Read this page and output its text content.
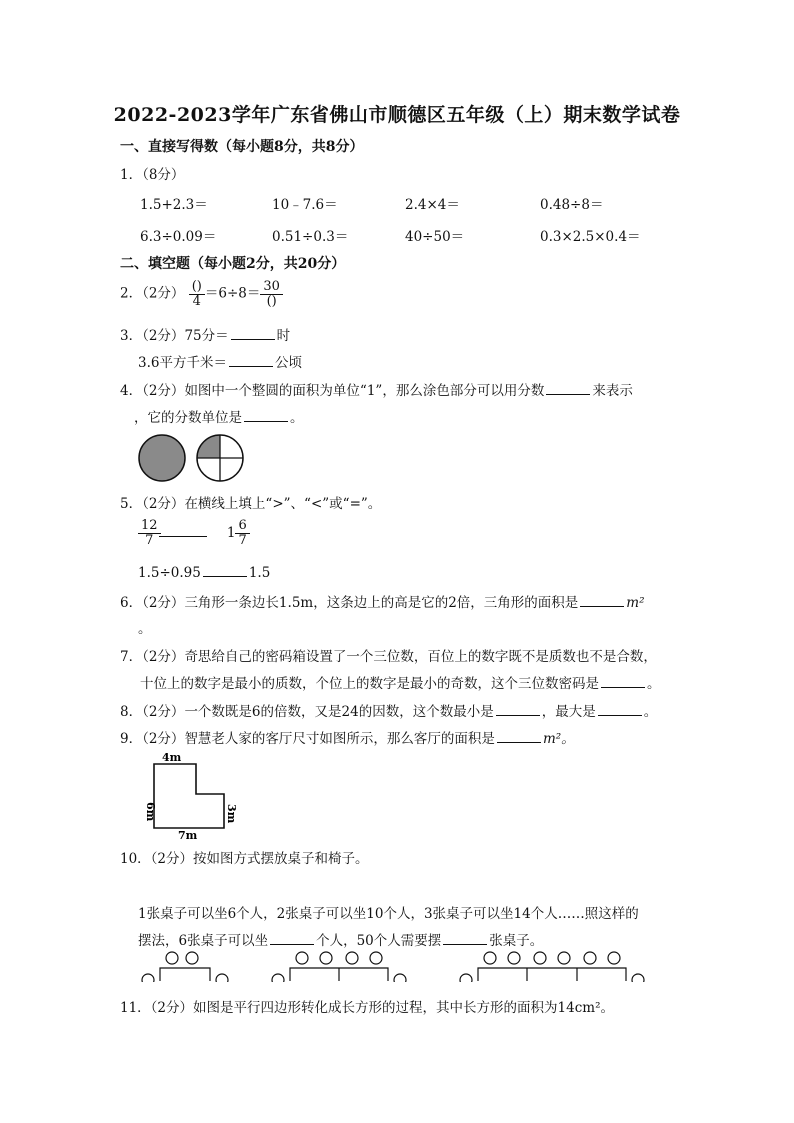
2022-2023学年广东省佛山市顺德区五年级（上）期末数学试卷
一、直接写得数（每小题8分，共8分）
1．（8分）
1.5+2.3＝	10﹣7.6＝	2.4×4＝	0.48÷8＝
6.3÷0.09＝	0.51÷0.3＝	40÷50＝	0.3×2.5×0.4＝
二、填空题（每小题2分，共20分）
2．（2分） $\frac{()}{4} =6\div 8= \frac{30}{()}$
3．（2分）75分＝	时
3.6平方千米＝	公顷
4．（2分）如图中一个整圆的面积为单位“1”，那么涂色部分可以用分数	来表示
，它的分数单位是	。
5．（2分）在横线上填上“>”、“<”或“=”。
$\frac{12}{7}$	$1 \frac{6}{7}$
1.5÷0.95	1.5
6．（2分）三角形一条边长1.5m，这条边上的高是它的2倍，三角形的面积是	m²
。
7．（2分）奇思给自己的密码箱设置了一个三位数，百位上的数字既不是质数也不是合数，
十位上的数字是最小的质数，个位上的数字是最小的奇数，这个三位数密码是	。
8．（2分）一个数既是6的倍数，又是24的因数，这个数最小是	，最大是	。
9．（2分）智慧老人家的客厅尺寸如图所示，那么客厅的面积是	m²。
4m
6m	3m
7m
10．（2分）按如图方式摆放桌子和椅子。
1张桌子可以坐6个人，2张桌子可以坐10个人，3张桌子可以坐14个人……照这样的
摆法，6张桌子可以坐	个人，50个人需要摆	张桌子。
11．（2分）如图是平行四边形转化成长方形的过程，其中长方形的面积为14cm²。
